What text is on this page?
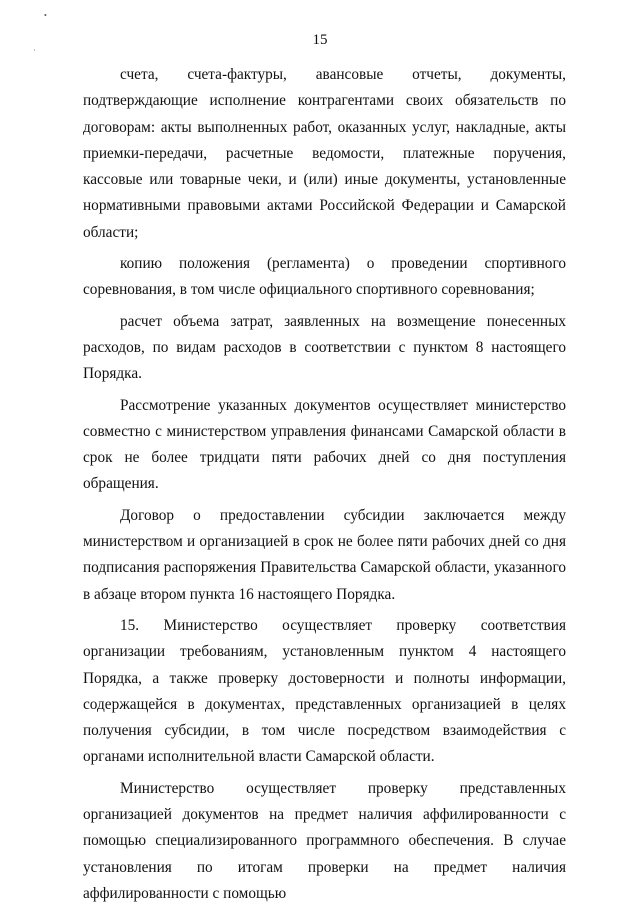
•
·
15

счета, счета-фактуры, авансовые отчеты, документы, подтверждающие исполнение контрагентами своих обязательств по договорам: акты выполненных работ, оказанных услуг, накладные, акты приемки-передачи, расчетные ведомости, платежные поручения, кассовые или товарные чеки, и (или) иные документы, установленные нормативными правовыми актами Российской Федерации и Самарской области;

копию положения (регламента) о проведении спортивного соревнования, в том числе официального спортивного соревнования;

расчет объема затрат, заявленных на возмещение понесенных расходов, по видам расходов в соответствии с пунктом 8 настоящего Порядка.

Рассмотрение указанных документов осуществляет министерство совместно с министерством управления финансами Самарской области в срок не более тридцати пяти рабочих дней со дня поступления обращения.

Договор о предоставлении субсидии заключается между министерством и организацией в срок не более пяти рабочих дней со дня подписания распоряжения Правительства Самарской области, указанного в абзаце втором пункта 16 настоящего Порядка.

15. Министерство осуществляет проверку соответствия организации требованиям, установленным пунктом 4 настоящего Порядка, а также проверку достоверности и полноты информации, содержащейся в документах, представленных организацией в целях получения субсидии, в том числе посредством взаимодействия с органами исполнительной власти Самарской области.

Министерство осуществляет проверку представленных организацией документов на предмет наличия аффилированности с помощью специализированного программного обеспечения. В случае установления по итогам проверки на предмет наличия аффилированности с помощью
